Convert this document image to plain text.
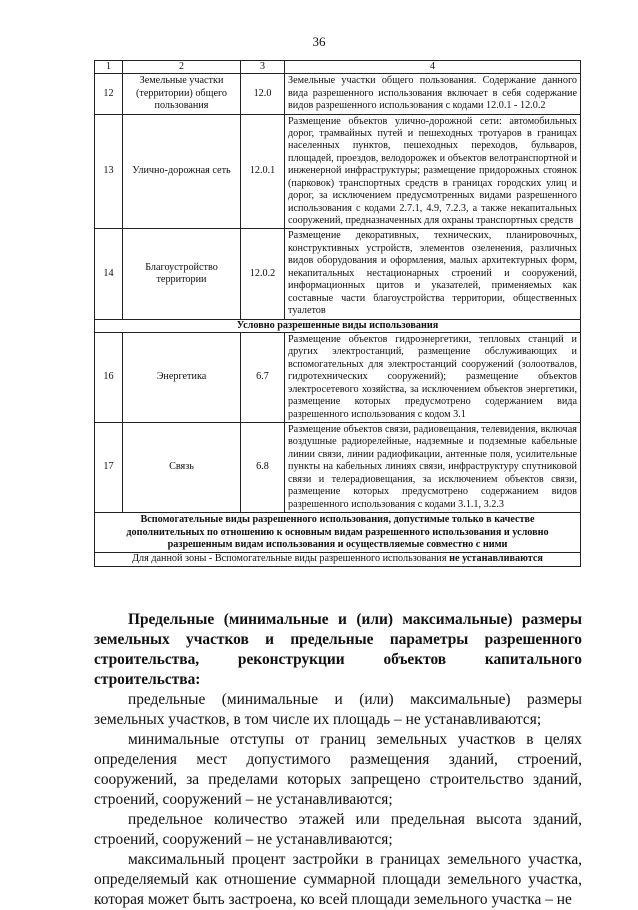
36
1	2	3	4
12	Земельные участки (территории) общего пользования	12.0	Земельные участки общего пользования. Содержание данного вида разрешенного использования включает в себя содержание видов разрешенного использования с кодами 12.0.1 - 12.0.2
13	Улично-дорожная сеть	12.0.1	Размещение объектов улично-дорожной сети: автомобильных дорог, трамвайных путей и пешеходных тротуаров в границах населенных пунктов, пешеходных переходов, бульваров, площадей, проездов, велодорожек и объектов велотранспортной и инженерной инфраструктуры; размещение придорожных стоянок (парковок) транспортных средств в границах городских улиц и дорог, за исключением предусмотренных видами разрешенного использования с кодами 2.7.1, 4.9, 7.2.3, а также некапитальных сооружений, предназначенных для охраны транспортных средств
14	Благоустройство территории	12.0.2	Размещение декоративных, технических, планировочных, конструктивных устройств, элементов озеленения, различных видов оборудования и оформления, малых архитектурных форм, некапитальных нестационарных строений и сооружений, информационных щитов и указателей, применяемых как составные части благоустройства территории, общественных туалетов
Условно разрешенные виды использования			
16	Энергетика	6.7	Размещение объектов гидроэнергетики, тепловых станций и других электростанций, размещение обслуживающих и вспомогательных для электростанций сооружений (золоотвалов, гидротехнических сооружений); размещение объектов электросетевого хозяйства, за исключением объектов энергетики, размещение которых предусмотрено содержанием вида разрешенного использования с кодом 3.1
17	Связь	6.8	Размещение объектов связи, радиовещания, телевидения, включая воздушные радиорелейные, надземные и подземные кабельные линии связи, линии радиофикации, антенные поля, усилительные пункты на кабельных линиях связи, инфраструктуру спутниковой связи и телерадиовещания, за исключением объектов связи, размещение которых предусмотрено содержанием видов разрешенного использования с кодами 3.1.1, 3.2.3
Вспомогательные виды разрешенного использования, допустимые только в качестве дополнительных по отношению к основным видам разрешенного использования и условно разрешенным видам использования и осуществляемые совместно с ними			
Для данной зоны - Вспомогательные виды разрешенного использования не устанавливаются			

Предельные (минимальные и (или) максимальные) размеры земельных участков и предельные параметры разрешенного строительства, реконструкции объектов капитального строительства:

предельные (минимальные и (или) максимальные) размеры земельных участков, в том числе их площадь – не устанавливаются;

минимальные отступы от границ земельных участков в целях определения мест допустимого размещения зданий, строений, сооружений, за пределами которых запрещено строительство зданий, строений, сооружений – не устанавливаются;

предельное количество этажей или предельная высота зданий, строений, сооружений – не устанавливаются;

максимальный процент застройки в границах земельного участка, определяемый как отношение суммарной площади земельного участка, которая может быть застроена, ко всей площади земельного участка – не
